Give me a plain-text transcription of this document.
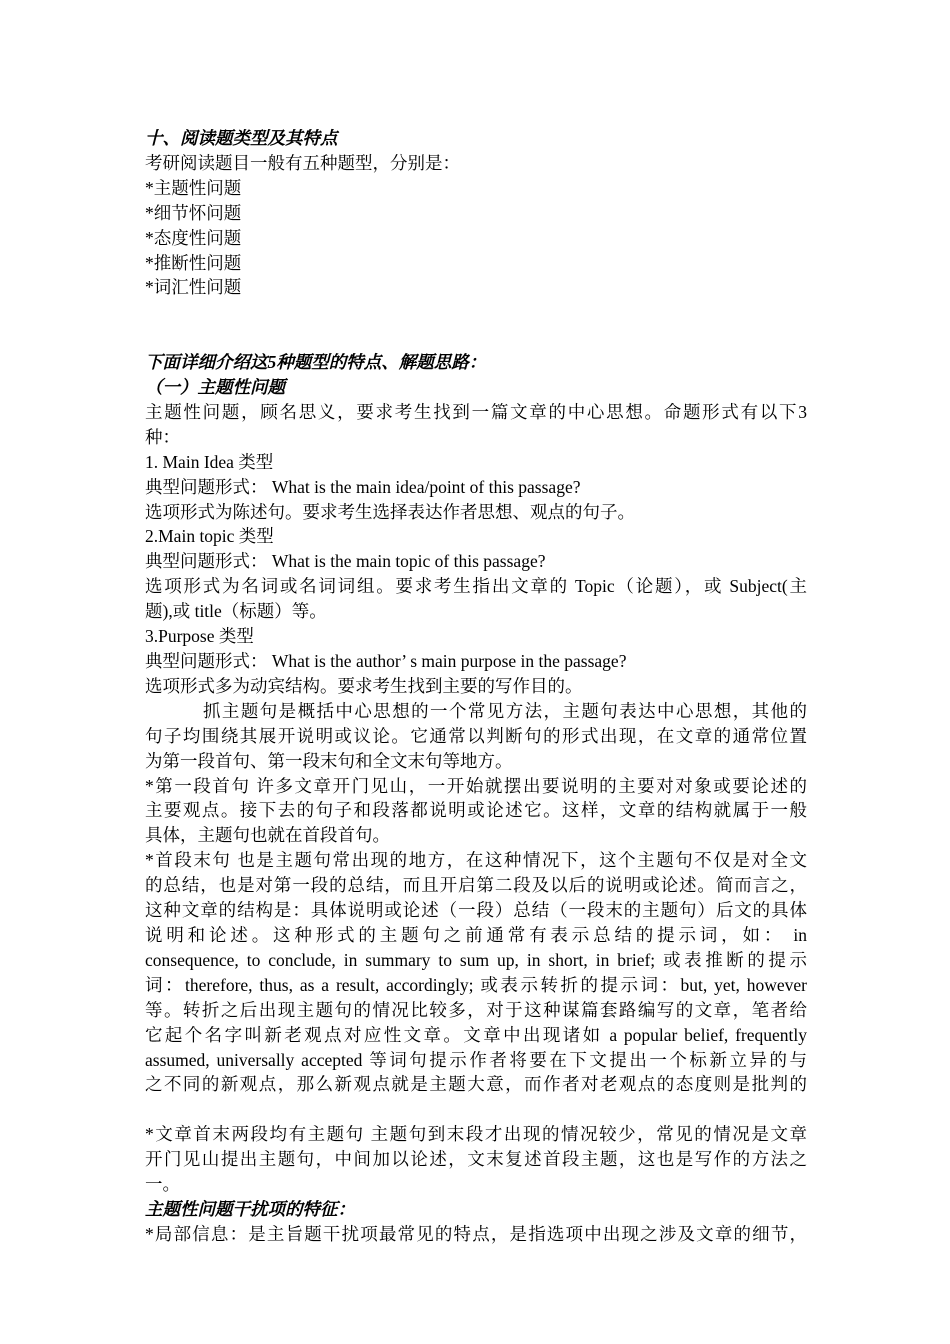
十、阅读题类型及其特点
考研阅读题目一般有五种题型，分别是：
*主题性问题
*细节怀问题
*态度性问题
*推断性问题
*词汇性问题
下面详细介绍这5种题型的特点、解题思路：
（一）主题性问题
主题性问题，顾名思义，要求考生找到一篇文章的中心思想。命题形式有以下3
种：
1. Main Idea 类型
典型问题形式： What is the main idea/point of this passage?
选项形式为陈述句。要求考生选择表达作者思想、观点的句子。
2.Main topic 类型
典型问题形式： What is the main topic of this passage?
选项形式为名词或名词词组。要求考生指出文章的 Topic（论题），或 Subject(主
题),或 title（标题）等。
3.Purpose 类型
典型问题形式： What is the author’ s main purpose in the passage?
选项形式多为动宾结构。要求考生找到主要的写作目的。
抓主题句是概括中心思想的一个常见方法，主题句表达中心思想，其他的
句子均围绕其展开说明或议论。它通常以判断句的形式出现，在文章的通常位置
为第一段首句、第一段末句和全文末句等地方。
*第一段首句 许多文章开门见山，一开始就摆出要说明的主要对对象或要论述的
主要观点。接下去的句子和段落都说明或论述它。这样，文章的结构就属于一般
具体，主题句也就在首段首句。
*首段末句 也是主题句常出现的地方，在这种情况下，这个主题句不仅是对全文
的总结，也是对第一段的总结，而且开启第二段及以后的说明或论述。简而言之，
这种文章的结构是：具体说明或论述（一段）总结（一段末的主题句）后文的具体
说明和论述。这种形式的主题句之前通常有表示总结的提示词，如： in
consequence, to conclude, in summary to sum up, in short, in brief; 或表推断的提示
词：therefore, thus, as a result, accordingly; 或表示转折的提示词：but, yet, however
等。转折之后出现主题句的情况比较多，对于这种谋篇套路编写的文章，笔者给
它起个名字叫新老观点对应性文章。文章中出现诸如 a popular belief, frequently
assumed, universally accepted 等词句提示作者将要在下文提出一个标新立异的与
之不同的新观点，那么新观点就是主题大意，而作者对老观点的态度则是批判的
*文章首末两段均有主题句 主题句到末段才出现的情况较少，常见的情况是文章
开门见山提出主题句，中间加以论述，文末复述首段主题，这也是写作的方法之
一。
主题性问题干扰项的特征：
*局部信息：是主旨题干扰项最常见的特点，是指选项中出现之涉及文章的细节，
